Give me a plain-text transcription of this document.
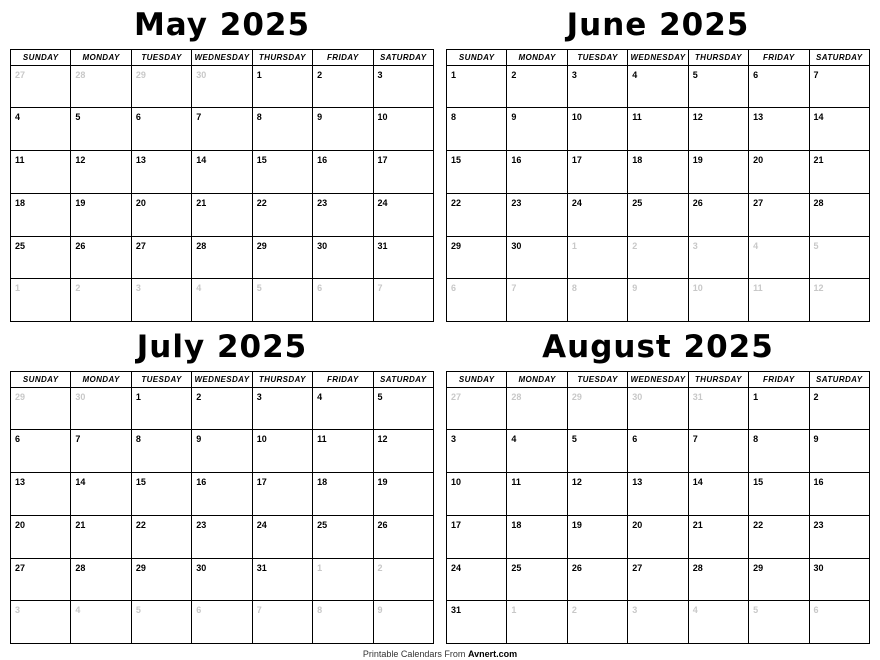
May 2025
SUNDAY	MONDAY	TUESDAY	WEDNESDAY	THURSDAY	FRIDAY	SATURDAY
27	28	29	30	1	2	3
4	5	6	7	8	9	10
11	12	13	14	15	16	17
18	19	20	21	22	23	24
25	26	27	28	29	30	31
1	2	3	4	5	6	7
June 2025
SUNDAY	MONDAY	TUESDAY	WEDNESDAY	THURSDAY	FRIDAY	SATURDAY
1	2	3	4	5	6	7
8	9	10	11	12	13	14
15	16	17	18	19	20	21
22	23	24	25	26	27	28
29	30	1	2	3	4	5
6	7	8	9	10	11	12
July 2025
SUNDAY	MONDAY	TUESDAY	WEDNESDAY	THURSDAY	FRIDAY	SATURDAY
29	30	1	2	3	4	5
6	7	8	9	10	11	12
13	14	15	16	17	18	19
20	21	22	23	24	25	26
27	28	29	30	31	1	2
3	4	5	6	7	8	9
August 2025
SUNDAY	MONDAY	TUESDAY	WEDNESDAY	THURSDAY	FRIDAY	SATURDAY
27	28	29	30	31	1	2
3	4	5	6	7	8	9
10	11	12	13	14	15	16
17	18	19	20	21	22	23
24	25	26	27	28	29	30
31	1	2	3	4	5	6
Printable Calendars From Avnert.com
